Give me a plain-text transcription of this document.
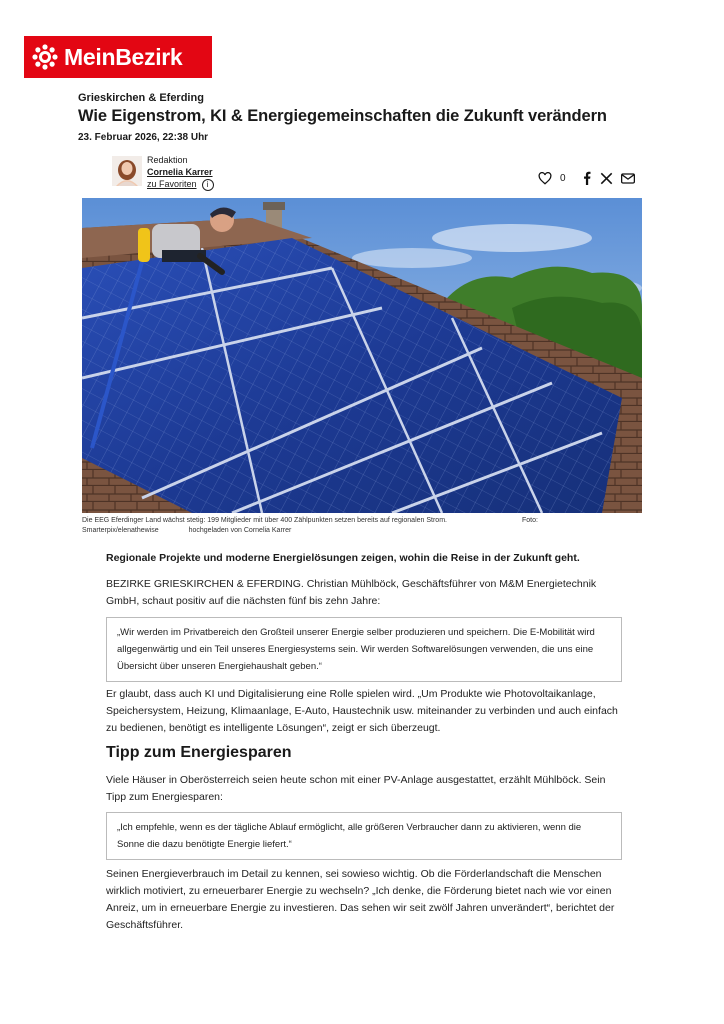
MeinBezirk
Grieskirchen & Eferding
Wie Eigenstrom, KI & Energiegemeinschaften die Zukunft verändern
23. Februar 2026, 22:38 Uhr
Redaktion

Cornelia Karrer
zu Favoriten i
0
Die EEG Eferdinger Land wächst stetig: 199 Mitglieder mit über 400 Zählpunkten setzen bereits auf regionalen Strom.	Foto:

Smarterpix/elenathewise	hochgeladen von Cornelia Karrer
Regionale Projekte und moderne Energielösungen zeigen, wohin die Reise in der Zukunft geht.

BEZIRKE GRIESKIRCHEN & EFERDING. Christian Mühlböck, Geschäftsführer von M&M Energietechnik GmbH, schaut positiv auf die nächsten fünf bis zehn Jahre:

„Wir werden im Privatbereich den Großteil unserer Energie selber produzieren und speichern. Die E-Mobilität wird allgegenwärtig und ein Teil unseres Energiesystems sein. Wir werden Softwarelösungen verwenden, die uns eine Übersicht über unseren Energiehaushalt geben.“

Er glaubt, dass auch KI und Digitalisierung eine Rolle spielen wird. „Um Produkte wie Photovoltaikanlage, Speichersystem, Heizung, Klimaanlage, E-Auto, Haustechnik usw. miteinander zu verbinden und auch einfach zu bedienen, benötigt es intelligente Lösungen“, zeigt er sich überzeugt.

Tipp zum Energiesparen

Viele Häuser in Oberösterreich seien heute schon mit einer PV-Anlage ausgestattet, erzählt Mühlböck. Sein Tipp zum Energiesparen:

„Ich empfehle, wenn es der tägliche Ablauf ermöglicht, alle größeren Verbraucher dann zu aktivieren, wenn die Sonne die dazu benötigte Energie liefert.“

Seinen Energieverbrauch im Detail zu kennen, sei sowieso wichtig. Ob die Förderlandschaft die Menschen wirklich motiviert, zu erneuerbarer Energie zu wechseln? „Ich denke, die Förderung bietet nach wie vor einen Anreiz, um in erneuerbare Energie zu investieren. Das sehen wir seit zwölf Jahren unverändert“, berichtet der Geschäftsführer.
